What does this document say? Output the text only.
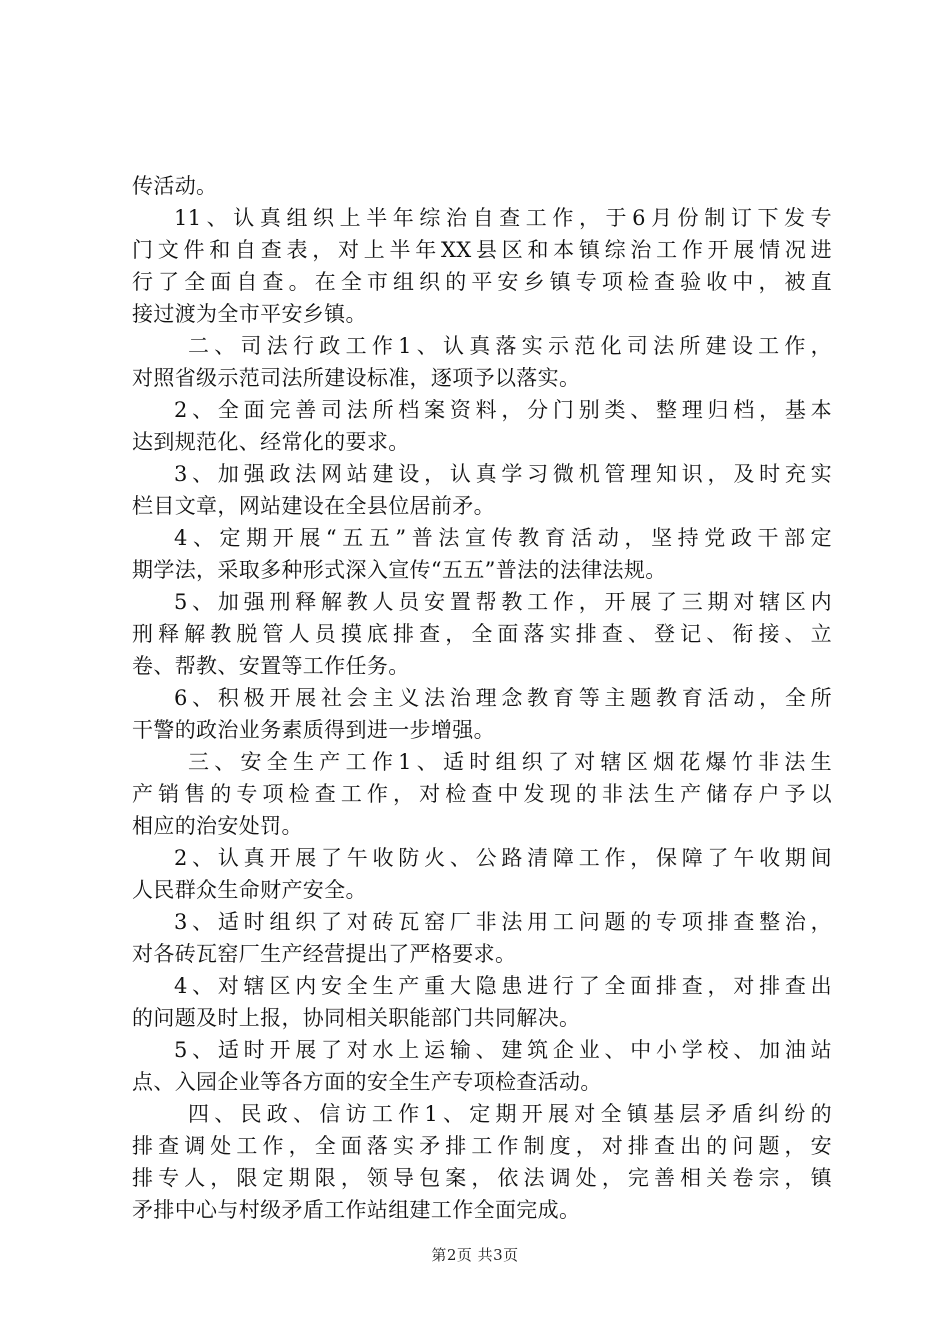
传活动。
11、认真组织上半年综治自查工作，于6月份制订下发专
门文件和自查表，对上半年XX县区和本镇综治工作开展情况进
行了全面自查。在全市组织的平安乡镇专项检查验收中，被直
接过渡为全市平安乡镇。
二、司法行政工作1、认真落实示范化司法所建设工作，
对照省级示范司法所建设标准，逐项予以落实。
2、全面完善司法所档案资料，分门别类、整理归档，基本
达到规范化、经常化的要求。
3、加强政法网站建设，认真学习微机管理知识，及时充实
栏目文章，网站建设在全县位居前矛。
4、定期开展“五五”普法宣传教育活动，坚持党政干部定
期学法，采取多种形式深入宣传“五五”普法的法律法规。
5、加强刑释解教人员安置帮教工作，开展了三期对辖区内
刑释解教脱管人员摸底排查，全面落实排查、登记、衔接、立
卷、帮教、安置等工作任务。
6、积极开展社会主义法治理念教育等主题教育活动，全所
干警的政治业务素质得到进一步增强。
三、安全生产工作1、适时组织了对辖区烟花爆竹非法生
产销售的专项检查工作，对检查中发现的非法生产储存户予以
相应的治安处罚。
2、认真开展了午收防火、公路清障工作，保障了午收期间
人民群众生命财产安全。
3、适时组织了对砖瓦窑厂非法用工问题的专项排查整治，
对各砖瓦窑厂生产经营提出了严格要求。
4、对辖区内安全生产重大隐患进行了全面排查，对排查出
的问题及时上报，协同相关职能部门共同解决。
5、适时开展了对水上运输、建筑企业、中小学校、加油站
点、入园企业等各方面的安全生产专项检查活动。
四、民政、信访工作1、定期开展对全镇基层矛盾纠纷的
排查调处工作，全面落实矛排工作制度，对排查出的问题，安
排专人，限定期限，领导包案，依法调处，完善相关卷宗，镇
矛排中心与村级矛盾工作站组建工作全面完成。
第2页 共3页
